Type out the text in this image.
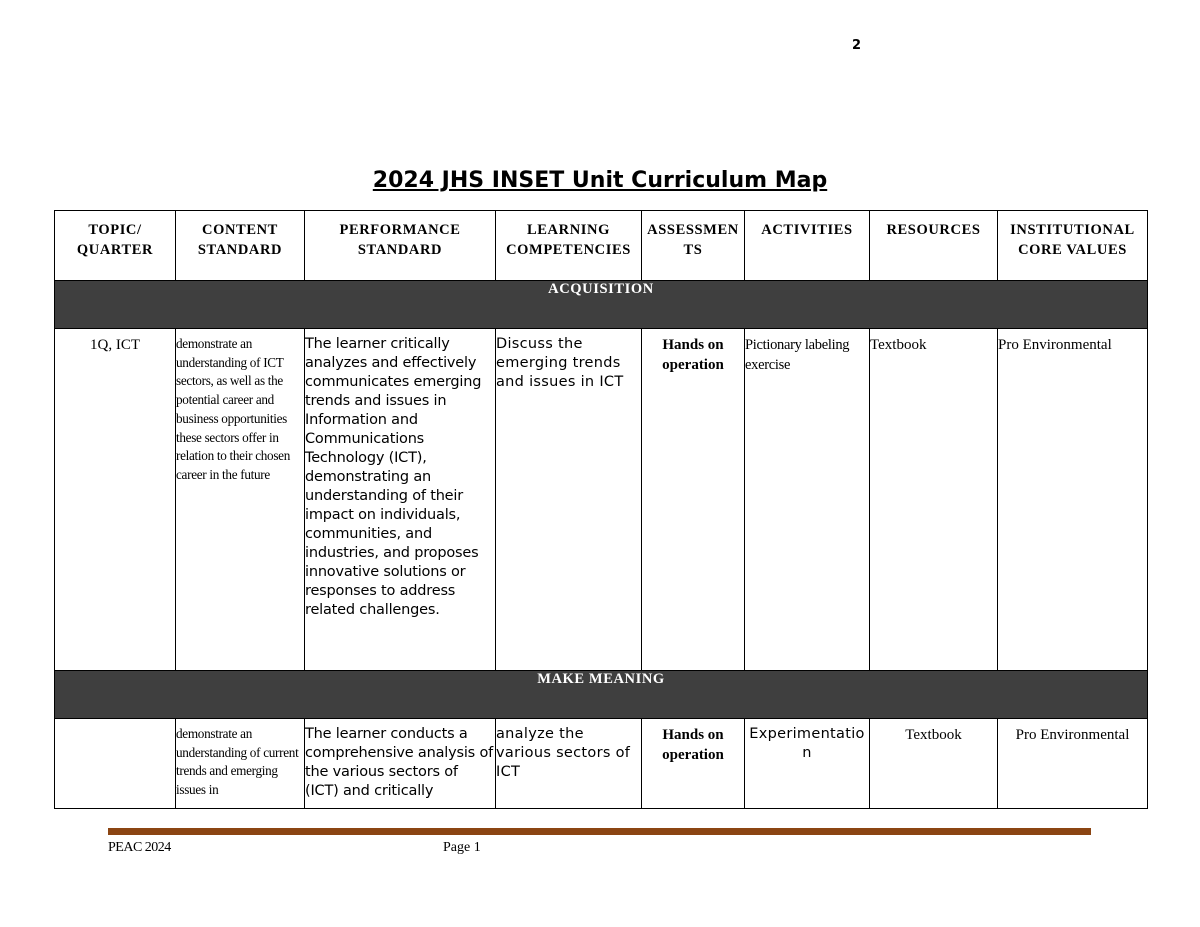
2
2024 JHS INSET Unit Curriculum Map
TOPIC/ QUARTER	CONTENT STANDARD	PERFORMANCE STANDARD	LEARNING COMPETENCIES	ASSESSMEN TS	ACTIVITIES	RESOURCES	INSTITUTIONAL CORE VALUES
ACQUISITION							
1Q, ICT	demonstrate an understanding of ICT sectors, as well as the potential career and business opportunities these sectors offer in relation to their chosen career in the future	The learner critically analyzes and effectively communicates emerging trends and issues in Information and Communications Technology (ICT), demonstrating an understanding of their impact on individuals, communities, and industries, and proposes innovative solutions or responses to address related challenges.	Discuss the emerging trends and issues in ICT	Hands on operation	Pictionary labeling exercise	Textbook	Pro Environmental
MAKE MEANING							
	demonstrate an understanding of current trends and emerging issues in	The learner conducts a comprehensive analysis of the various sectors of (ICT) and critically	analyze the various sectors of ICT	Hands on operation	Experimentation	Textbook	Pro Environmental
PEAC 2024	Page 1
